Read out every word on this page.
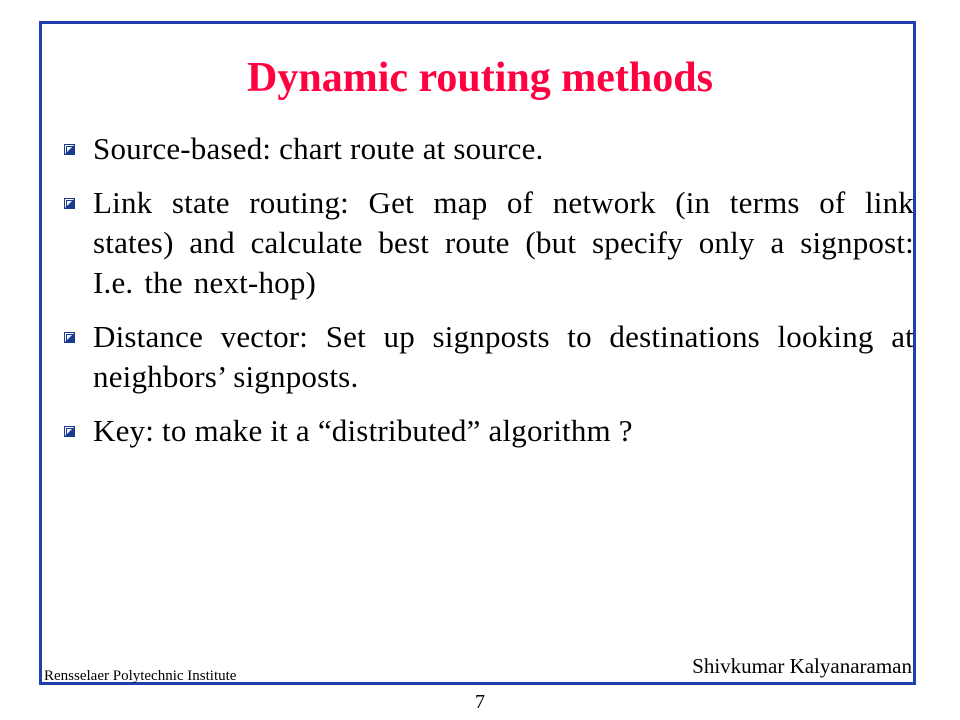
Dynamic routing methods
Source-based: chart route at source.
Link state routing: Get map of network (in terms of link states) and calculate best route (but specify only a signpost: I.e. the next-hop)
Distance vector: Set up signposts to destinations looking at neighbors’ signposts.
Key: to make it a “distributed” algorithm ?
Shivkumar Kalyanaraman
Rensselaer Polytechnic Institute
7
